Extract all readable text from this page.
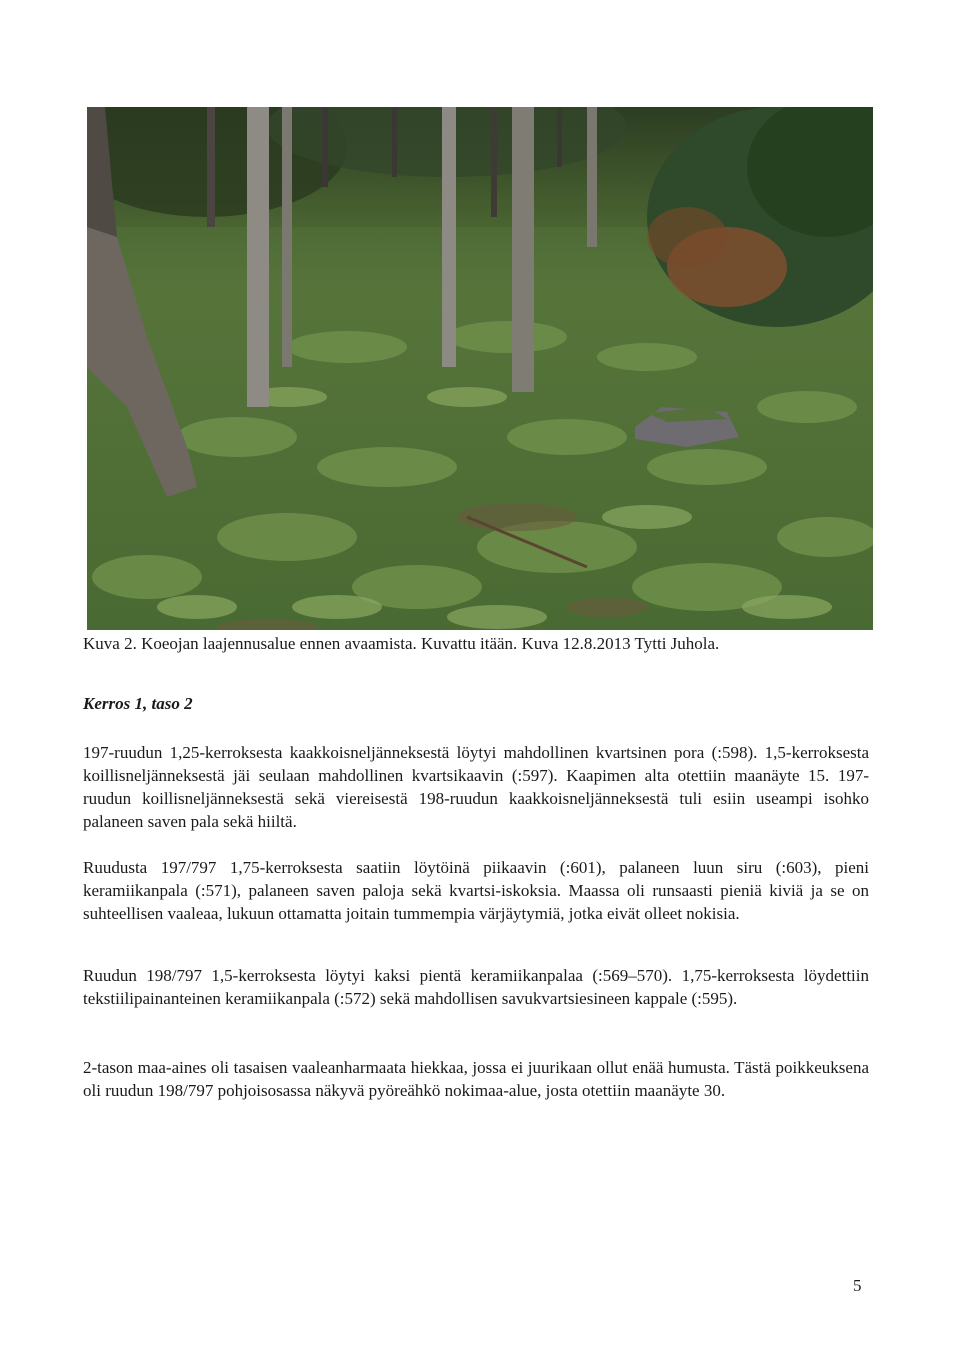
Kuva 2. Koeojan laajennusalue ennen avaamista. Kuvattu itään. Kuva 12.8.2013 Tytti Juhola.

Kerros 1, taso 2

197-ruudun 1,25-kerroksesta kaakkoisneljänneksestä löytyi mahdollinen kvartsinen pora (:598). 1,5-kerroksesta koillisneljänneksestä jäi seulaan mahdollinen kvartsikaavin (:597). Kaapimen alta otettiin maanäyte 15. 197-ruudun koillisneljänneksestä sekä viereisestä 198-ruudun kaakkoisneljänneksestä tuli esiin useampi isohko palaneen saven pala sekä hiiltä.

Ruudusta 197/797 1,75-kerroksesta saatiin löytöinä piikaavin (:601), palaneen luun siru (:603), pieni keramiikanpala (:571), palaneen saven paloja sekä kvartsi-iskoksia. Maassa oli runsaasti pieniä kiviä ja se on suhteellisen vaaleaa, lukuun ottamatta joitain tummempia värjäytymiä, jotka eivät olleet nokisia.

Ruudun 198/797 1,5-kerroksesta löytyi kaksi pientä keramiikanpalaa (:569–570). 1,75-kerroksesta löydettiin tekstiilipainanteinen keramiikanpala (:572) sekä mahdollisen savukvartsiesineen kappale (:595).

2-tason maa-aines oli tasaisen vaaleanharmaata hiekkaa, jossa ei juurikaan ollut enää humusta. Tästä poikkeuksena oli ruudun 198/797 pohjoisosassa näkyvä pyöreähkö nokimaa-alue, josta otettiin maanäyte 30.

5
